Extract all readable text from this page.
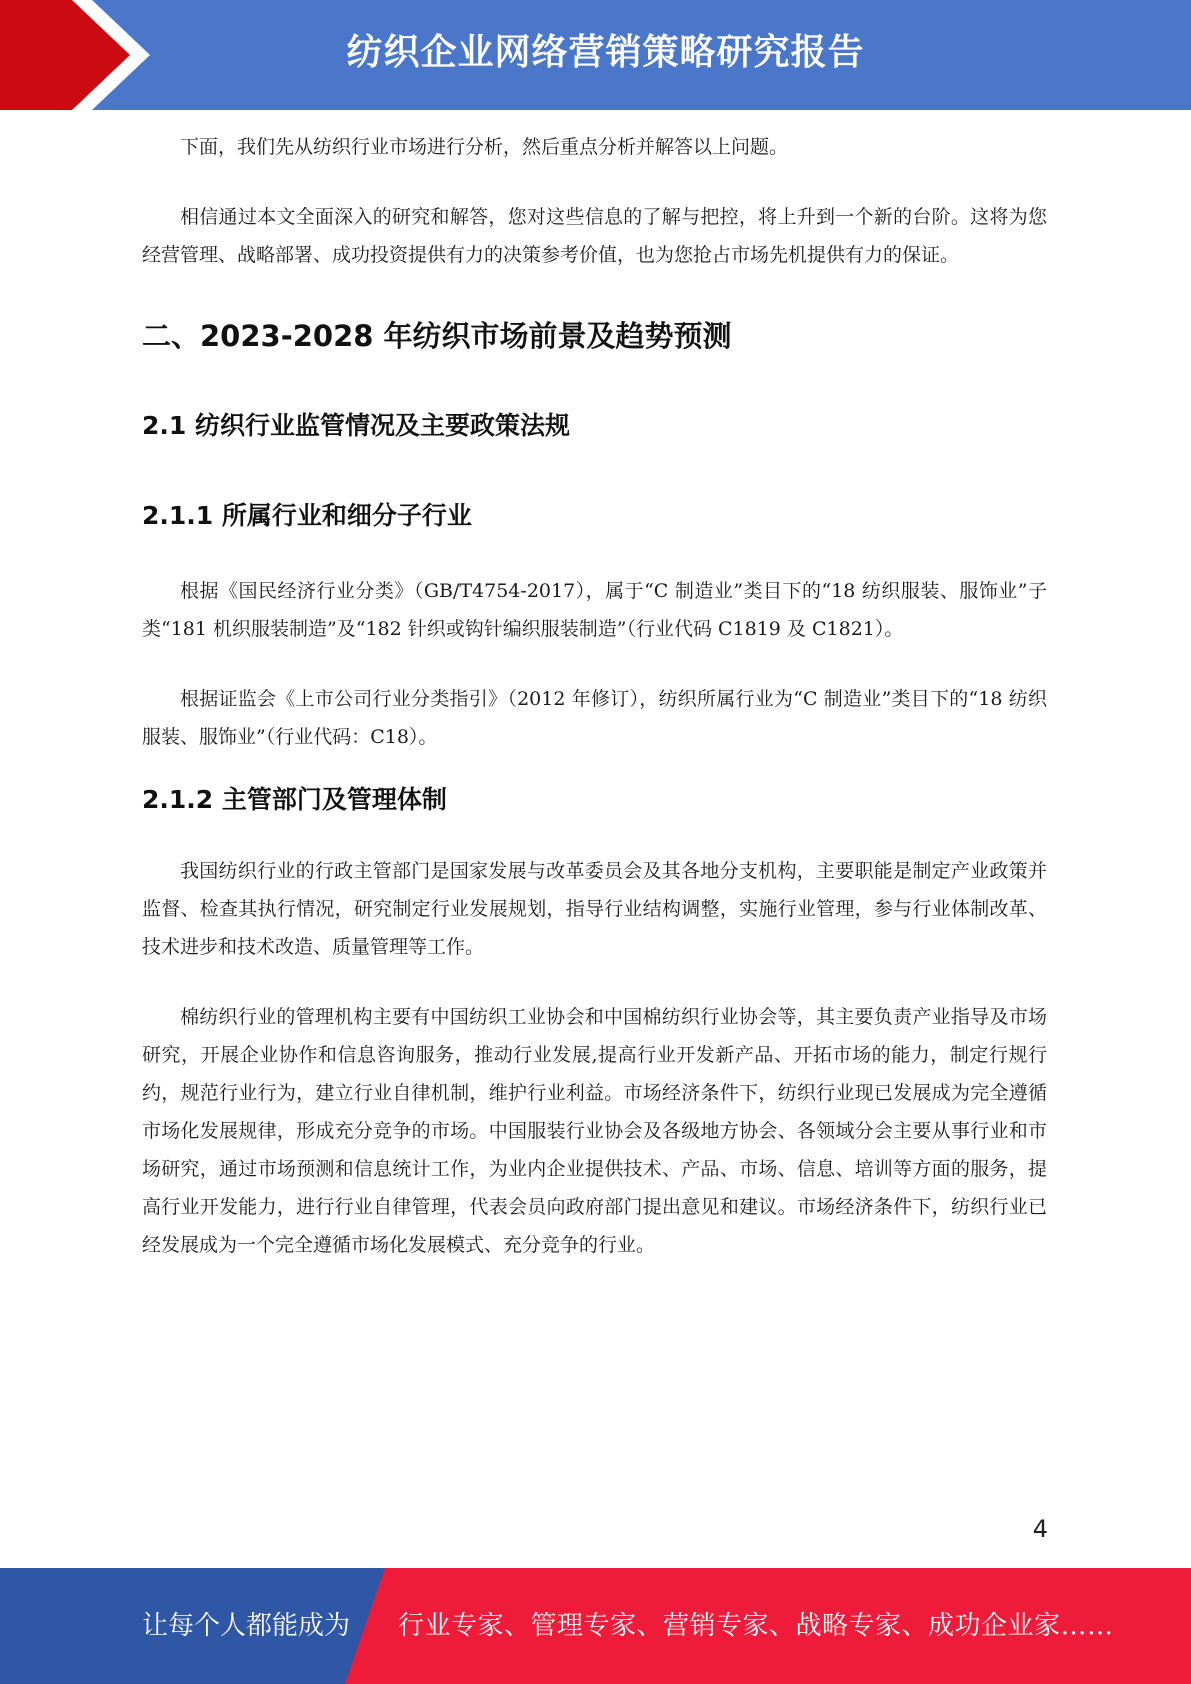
纺织企业网络营销策略研究报告

下面，我们先从纺织行业市场进行分析，然后重点分析并解答以上问题。

相信通过本文全面深入的研究和解答，您对这些信息的了解与把控，将上升到一个新的台阶。这将为您经营管理、战略部署、成功投资提供有力的决策参考价值，也为您抢占市场先机提供有力的保证。

二、2023-2028 年纺织市场前景及趋势预测
2.1 纺织行业监管情况及主要政策法规
2.1.1 所属行业和细分子行业

根据《国民经济行业分类》（GB/T4754-2017），属于“C 制造业”类目下的“18 纺织服装、服饰业”子类“181 机织服装制造”及“182 针织或钩针编织服装制造”（行业代码 C1819 及 C1821）。

根据证监会《上市公司行业分类指引》（2012 年修订），纺织所属行业为“C 制造业”类目下的“18 纺织服装、服饰业”（行业代码：C18）。

2.1.2 主管部门及管理体制

我国纺织行业的行政主管部门是国家发展与改革委员会及其各地分支机构，主要职能是制定产业政策并监督、检查其执行情况，研究制定行业发展规划，指导行业结构调整，实施行业管理，参与行业体制改革、技术进步和技术改造、质量管理等工作。

棉纺织行业的管理机构主要有中国纺织工业协会和中国棉纺织行业协会等，其主要负责产业指导及市场研究，开展企业协作和信息咨询服务，推动行业发展,提高行业开发新产品、开拓市场的能力，制定行规行约，规范行业行为，建立行业自律机制，维护行业利益。市场经济条件下，纺织行业现已发展成为完全遵循市场化发展规律，形成充分竞争的市场。中国服装行业协会及各级地方协会、各领域分会主要从事行业和市场研究，通过市场预测和信息统计工作，为业内企业提供技术、产品、市场、信息、培训等方面的服务，提高行业开发能力，进行行业自律管理，代表会员向政府部门提出意见和建议。市场经济条件下，纺织行业已经发展成为一个完全遵循市场化发展模式、充分竞争的行业。

4
让每个人都能成为 行业专家、管理专家、营销专家、战略专家、成功企业家……
